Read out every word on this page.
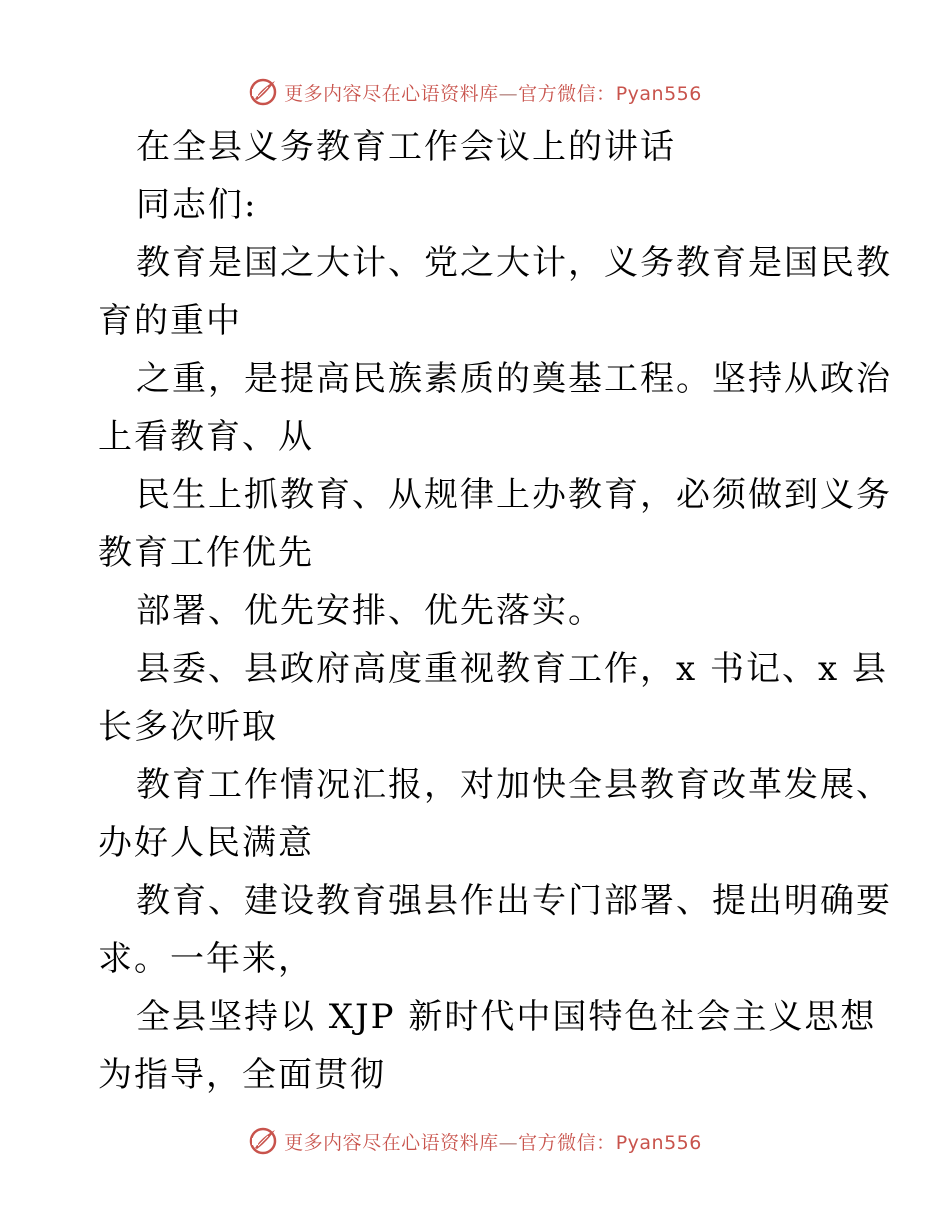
更多内容尽在心语资料库—官方微信：Pyan556
在全县义务教育工作会议上的讲话
同志们:
教育是国之大计、党之大计，义务教育是国民教
育的重中
之重，是提高民族素质的奠基工程。坚持从政治
上看教育、从
民生上抓教育、从规律上办教育，必须做到义务
教育工作优先
部署、优先安排、优先落实。
县委、县政府高度重视教育工作，x 书记、x 县
长多次听取
教育工作情况汇报，对加快全县教育改革发展、
办好人民满意
教育、建设教育强县作出专门部署、提出明确要
求。一年来，
全县坚持以 XJP 新时代中国特色社会主义思想
为指导，全面贯彻
更多内容尽在心语资料库—官方微信：Pyan556
